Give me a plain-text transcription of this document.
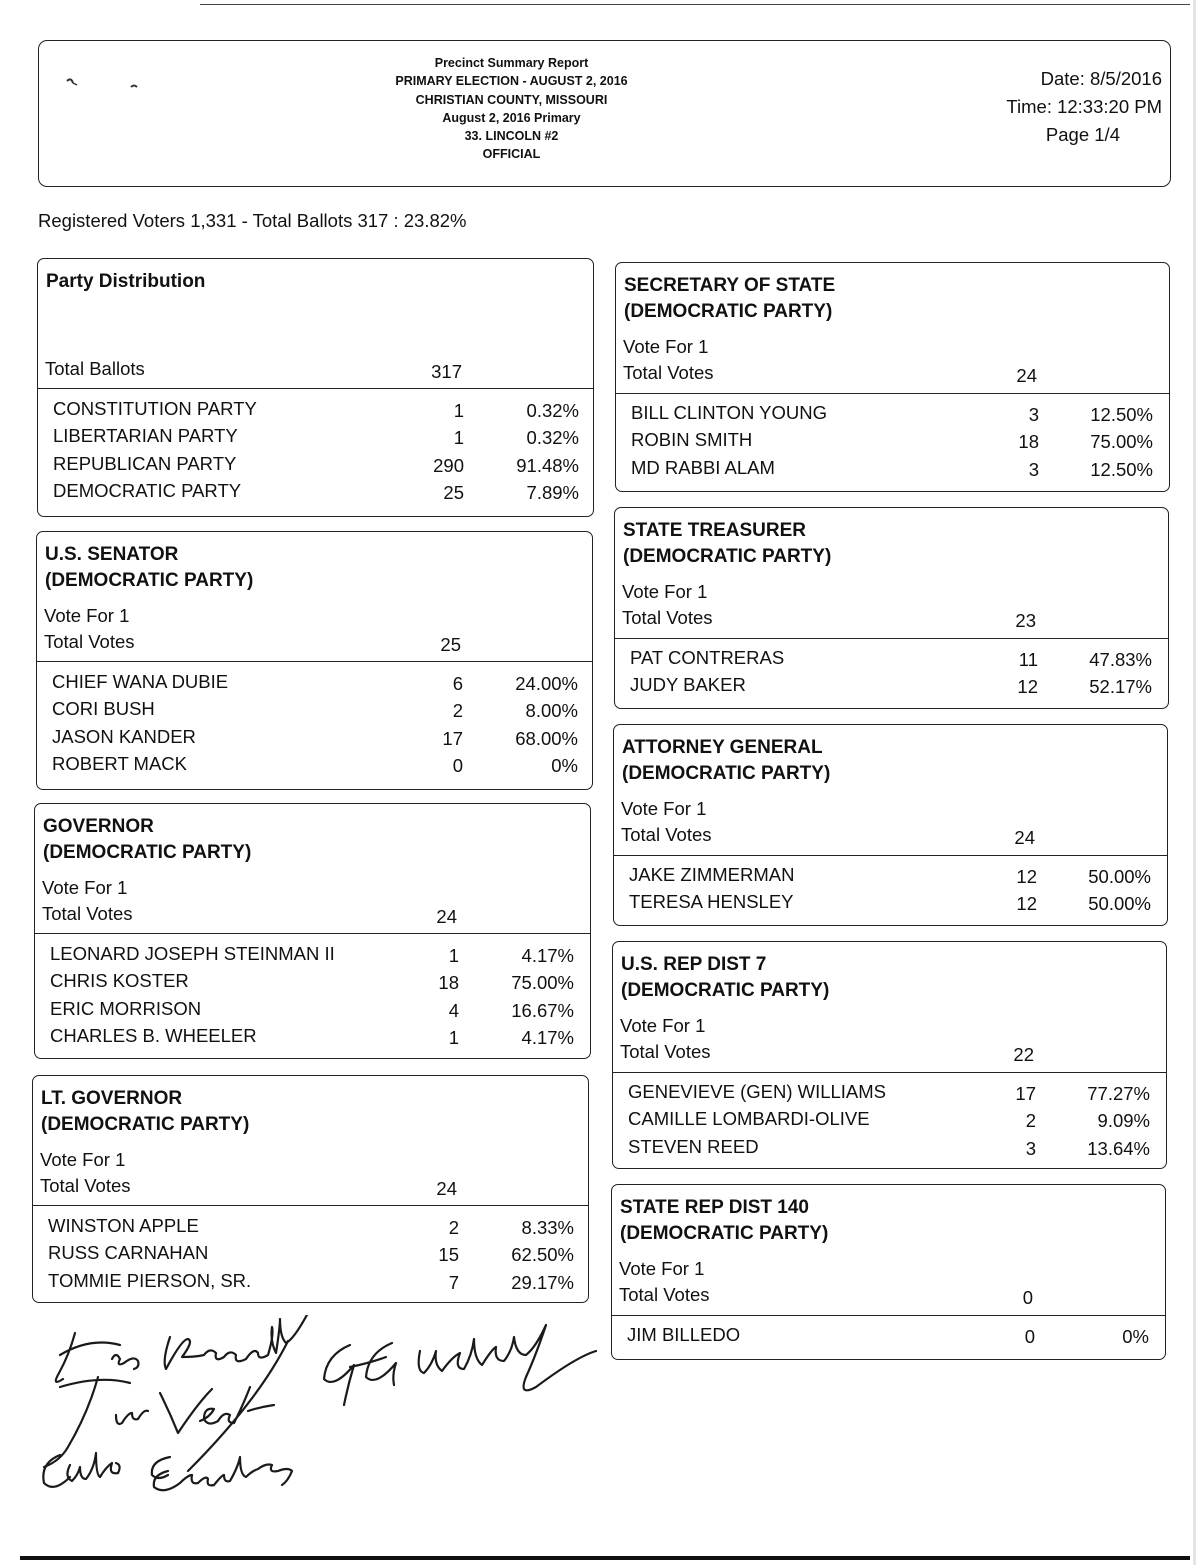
Precinct Summary Report
PRIMARY ELECTION - AUGUST 2, 2016
CHRISTIAN COUNTY, MISSOURI
August 2, 2016 Primary
33. LINCOLN #2
OFFICIAL
Date: 8/5/2016
Time: 12:33:20 PM
Page 1/4
Registered Voters 1,331 - Total Ballots 317 : 23.82%
Party Distribution
Total Ballots	317
CONSTITUTION PARTY	1	0.32%
LIBERTARIAN PARTY	1	0.32%
REPUBLICAN PARTY	290	91.48%
DEMOCRATIC PARTY	25	7.89%
U.S. SENATOR
(DEMOCRATIC PARTY)
Vote For 1
Total Votes	25
CHIEF WANA DUBIE	6	24.00%
CORI BUSH	2	8.00%
JASON KANDER	17	68.00%
ROBERT MACK	0	0%
GOVERNOR
(DEMOCRATIC PARTY)
Vote For 1
Total Votes	24
LEONARD JOSEPH STEINMAN II	1	4.17%
CHRIS KOSTER	18	75.00%
ERIC MORRISON	4	16.67%
CHARLES B. WHEELER	1	4.17%
LT. GOVERNOR
(DEMOCRATIC PARTY)
Vote For 1
Total Votes	24
WINSTON APPLE	2	8.33%
RUSS CARNAHAN	15	62.50%
TOMMIE PIERSON, SR.	7	29.17%
SECRETARY OF STATE
(DEMOCRATIC PARTY)
Vote For 1
Total Votes	24
BILL CLINTON YOUNG	3	12.50%
ROBIN SMITH	18	75.00%
MD RABBI ALAM	3	12.50%
STATE TREASURER
(DEMOCRATIC PARTY)
Vote For 1
Total Votes	23
PAT CONTRERAS	11	47.83%
JUDY BAKER	12	52.17%
ATTORNEY GENERAL
(DEMOCRATIC PARTY)
Vote For 1
Total Votes	24
JAKE ZIMMERMAN	12	50.00%
TERESA HENSLEY	12	50.00%
U.S. REP DIST 7
(DEMOCRATIC PARTY)
Vote For 1
Total Votes	22
GENEVIEVE (GEN) WILLIAMS	17	77.27%
CAMILLE LOMBARDI-OLIVE	2	9.09%
STEVEN REED	3	13.64%
STATE REP DIST 140
(DEMOCRATIC PARTY)
Vote For 1
Total Votes	0
JIM BILLEDO	0	0%
